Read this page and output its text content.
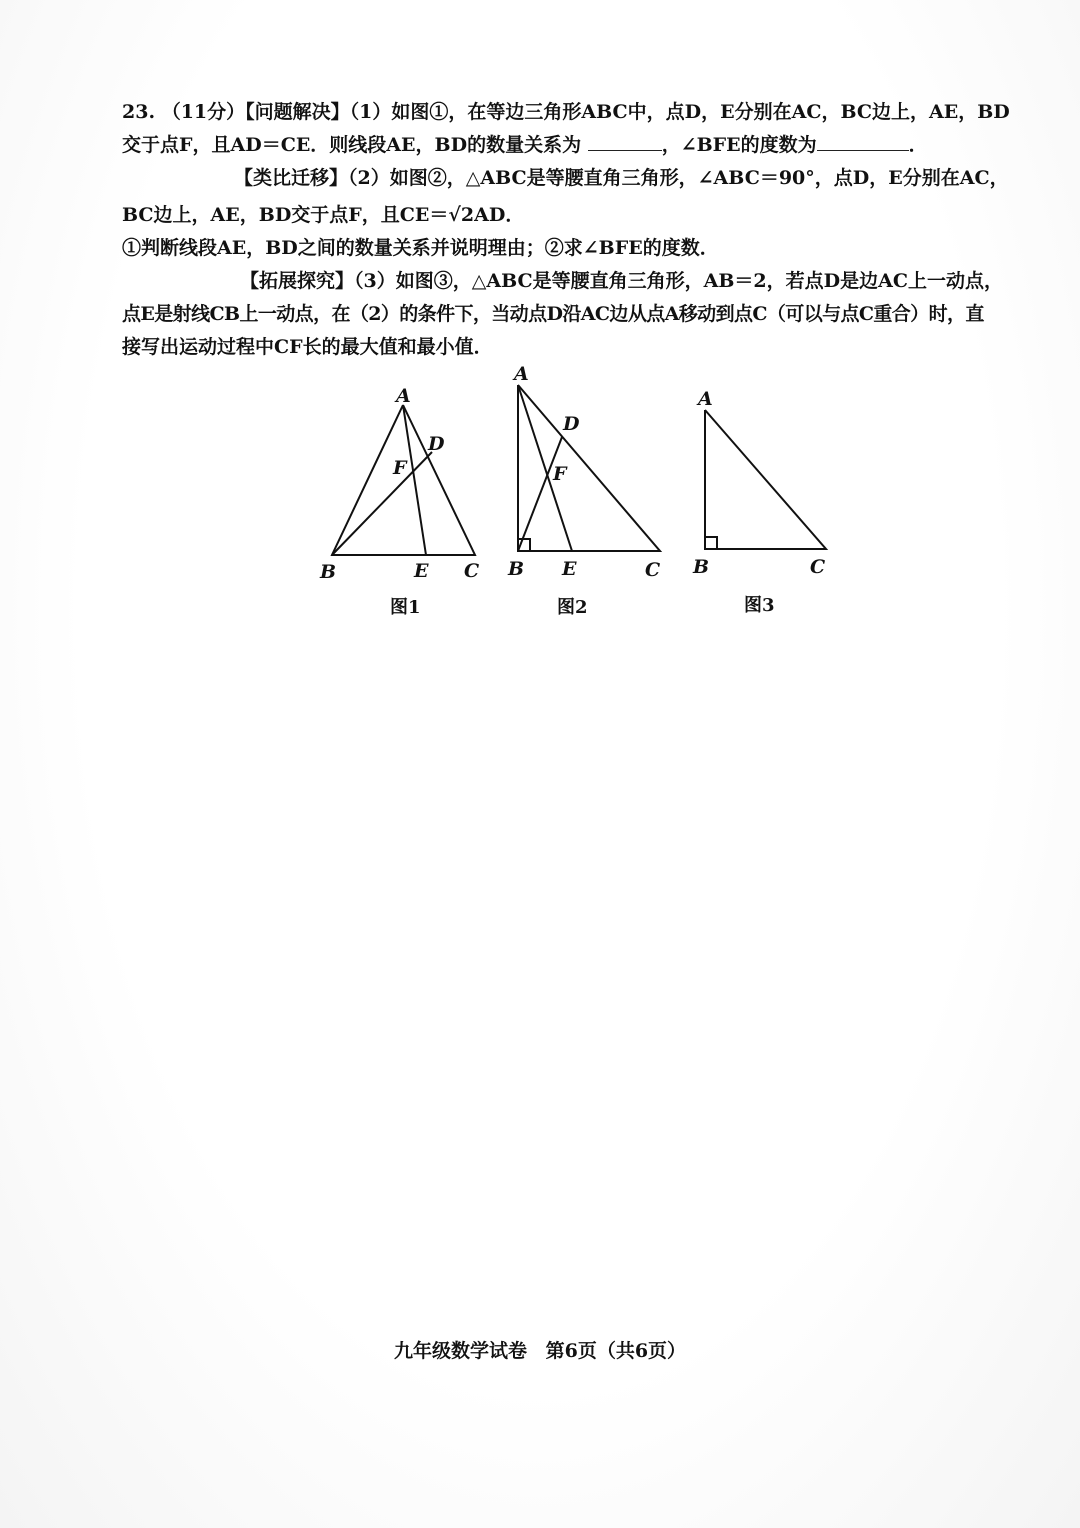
23. （11分）【问题解决】（1）如图①，在等边三角形ABC中，点D，E分别在AC，BC边上，AE，BD
交于点F，且AD＝CE．则线段AE，BD的数量关系为	，∠BFE的度数为	．
【类比迁移】（2）如图②，△ABC是等腰直角三角形，∠ABC＝90°，点D，E分别在AC，
BC边上，AE，BD交于点F，且CE＝√2AD．
①判断线段AE，BD之间的数量关系并说明理由；②求∠BFE的度数．
【拓展探究】（3）如图③，△ABC是等腰直角三角形，AB＝2，若点D是边AC上一动点，
点E是射线CB上一动点，在（2）的条件下，当动点D沿AC边从点A移动到点C（可以与点C重合）时，直
接写出运动过程中CF长的最大值和最小值．
A
D
F
B	E C
图1
A
D
F
B E	C
图2
A
B	C
图3
九年级数学试卷 第6页（共6页）
